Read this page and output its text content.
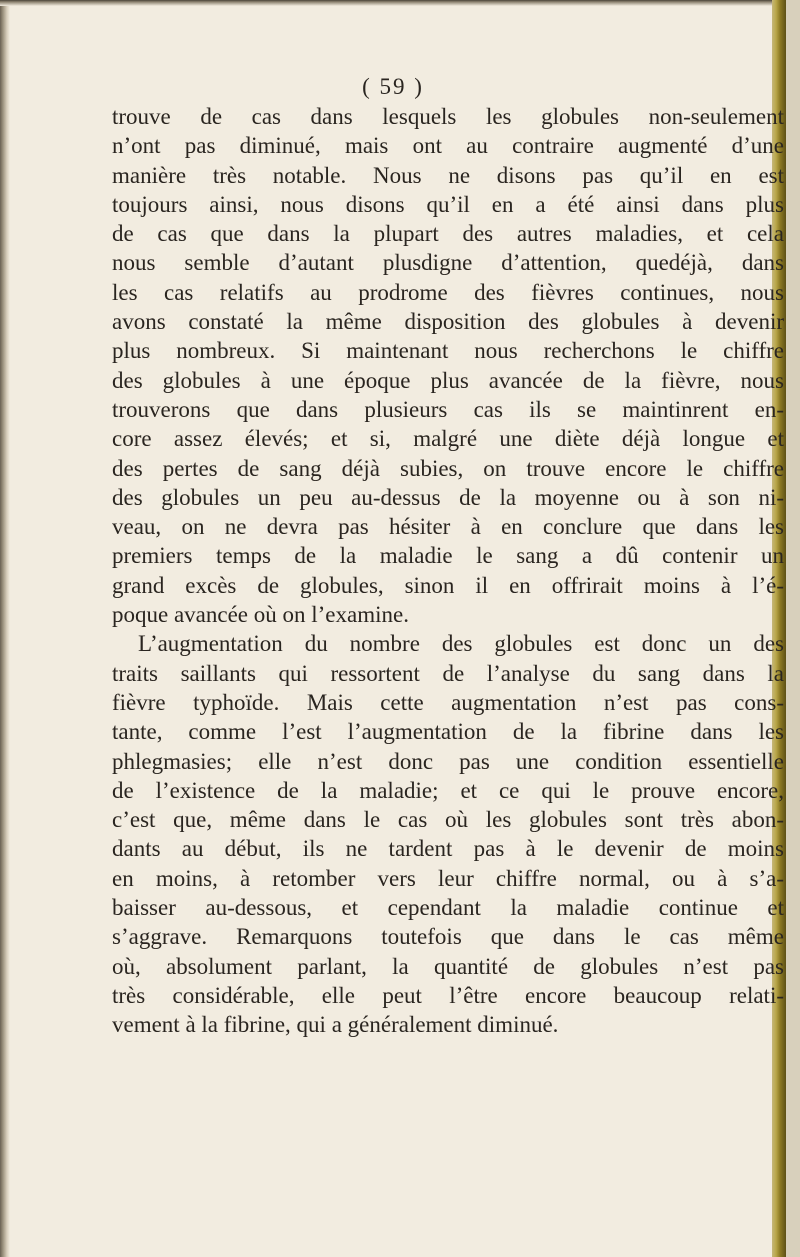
( 59 )
trouve de cas dans lesquels les globules non-seulement
n’ont pas diminué, mais ont au contraire augmenté d’une
manière très notable. Nous ne disons pas qu’il en est
toujours ainsi, nous disons qu’il en a été ainsi dans plus
de cas que dans la plupart des autres maladies, et cela
nous semble d’autant plusdigne d’attention, quedéjà, dans
les cas relatifs au prodrome des fièvres continues, nous
avons constaté la même disposition des globules à devenir
plus nombreux. Si maintenant nous recherchons le chiffre
des globules à une époque plus avancée de la fièvre, nous
trouverons que dans plusieurs cas ils se maintinrent en-
core assez élevés; et si, malgré une diète déjà longue et
des pertes de sang déjà subies, on trouve encore le chiffre
des globules un peu au-dessus de la moyenne ou à son ni-
veau, on ne devra pas hésiter à en conclure que dans les
premiers temps de la maladie le sang a dû contenir un
grand excès de globules, sinon il en offrirait moins à l’é-
poque avancée où on l’examine.
L’augmentation du nombre des globules est donc un des
traits saillants qui ressortent de l’analyse du sang dans la
fièvre typhoïde. Mais cette augmentation n’est pas cons-
tante, comme l’est l’augmentation de la fibrine dans les
phlegmasies; elle n’est donc pas une condition essentielle
de l’existence de la maladie; et ce qui le prouve encore,
c’est que, même dans le cas où les globules sont très abon-
dants au début, ils ne tardent pas à le devenir de moins
en moins, à retomber vers leur chiffre normal, ou à s’a-
baisser au-dessous, et cependant la maladie continue et
s’aggrave. Remarquons toutefois que dans le cas même
où, absolument parlant, la quantité de globules n’est pas
très considérable, elle peut l’être encore beaucoup relati-
vement à la fibrine, qui a généralement diminué.
